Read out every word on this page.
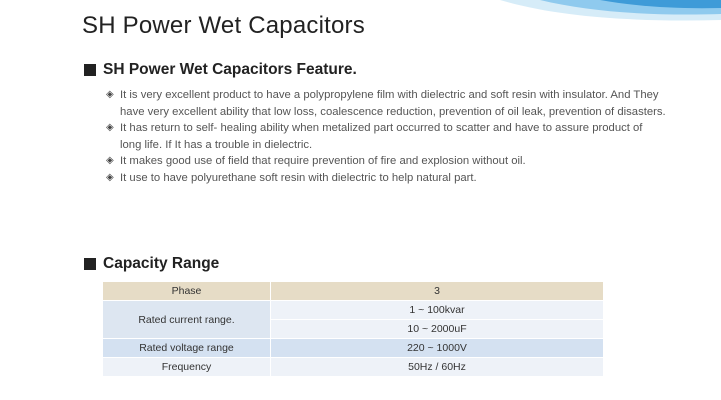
SH Power Wet Capacitors
SH Power Wet Capacitors Feature.
◈ It is very excellent product to have a polypropylene film with dielectric and soft resin with insulator. And They have very excellent ability that low loss, coalescence reduction, prevention of oil leak, prevention of disasters.
◈ It has return to self- healing ability when metalized part occurred to scatter and have to assure product of long life. If It has a trouble in dielectric.
◈ It makes good use of field that require prevention of fire and explosion without oil.
◈ It use to have polyurethane soft resin with dielectric to help natural part.
Capacity Range
Phase	3
Rated current range.	1 ~ 100kvar
	10 ~ 2000uF
Rated voltage range	220 ~ 1000V
Frequency	50Hz / 60Hz
